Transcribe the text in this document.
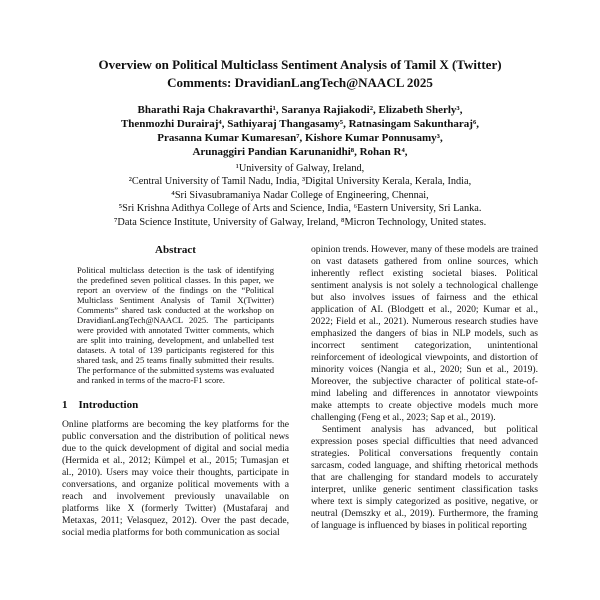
Overview on Political Multiclass Sentiment Analysis of Tamil X (Twitter)
Comments: DravidianLangTech@NAACL 2025
Bharathi Raja Chakravarthi¹, Saranya Rajiakodi², Elizabeth Sherly³,
Thenmozhi Durairaj⁴, Sathiyaraj Thangasamy⁵, Ratnasingam Sakuntharaj⁶,
Prasanna Kumar Kumaresan⁷, Kishore Kumar Ponnusamy³,
Arunaggiri Pandian Karunanidhi⁸, Rohan R⁴,
¹University of Galway, Ireland,
²Central University of Tamil Nadu, India, ³Digital University Kerala, Kerala, India,
⁴Sri Sivasubramaniya Nadar College of Engineering, Chennai,
⁵Sri Krishna Adithya College of Arts and Science, India, ⁶Eastern University, Sri Lanka.
⁷Data Science Institute, University of Galway, Ireland, ⁸Micron Technology, United states.
Abstract

Political multiclass detection is the task of identifying the predefined seven political classes. In this paper, we report an overview of the findings on the “Political Multiclass Sentiment Analysis of Tamil X(Twitter) Comments” shared task conducted at the workshop on DravidianLangTech@NAACL 2025. The participants were provided with annotated Twitter comments, which are split into training, development, and unlabelled test datasets. A total of 139 participants registered for this shared task, and 25 teams finally submitted their results. The performance of the submitted systems was evaluated and ranked in terms of the macro-F1 score.

1 Introduction

Online platforms are becoming the key platforms for the public conversation and the distribution of political news due to the quick development of digital and social media (Hermida et al., 2012; Kümpel et al., 2015; Tumasjan et al., 2010). Users may voice their thoughts, participate in conversations, and organize political movements with a reach and involvement previously unavailable on platforms like X (formerly Twitter) (Mustafaraj and Metaxas, 2011; Velasquez, 2012). Over the past decade, social media platforms for both communication as social

opinion trends. However, many of these models are trained on vast datasets gathered from online sources, which inherently reflect existing societal biases. Political sentiment analysis is not solely a technological challenge but also involves issues of fairness and the ethical application of AI. (Blodgett et al., 2020; Kumar et al., 2022; Field et al., 2021). Numerous research studies have emphasized the dangers of bias in NLP models, such as incorrect sentiment categorization, unintentional reinforcement of ideological viewpoints, and distortion of minority voices (Nangia et al., 2020; Sun et al., 2019). Moreover, the subjective character of political state-of-mind labeling and differences in annotator viewpoints make attempts to create objective models much more challenging (Feng et al., 2023; Sap et al., 2019).

Sentiment analysis has advanced, but political expression poses special difficulties that need advanced strategies. Political conversations frequently contain sarcasm, coded language, and shifting rhetorical methods that are challenging for standard models to accurately interpret, unlike generic sentiment classification tasks where text is simply categorized as positive, negative, or neutral (Demszky et al., 2019). Furthermore, the framing of language is influenced by biases in political reporting
